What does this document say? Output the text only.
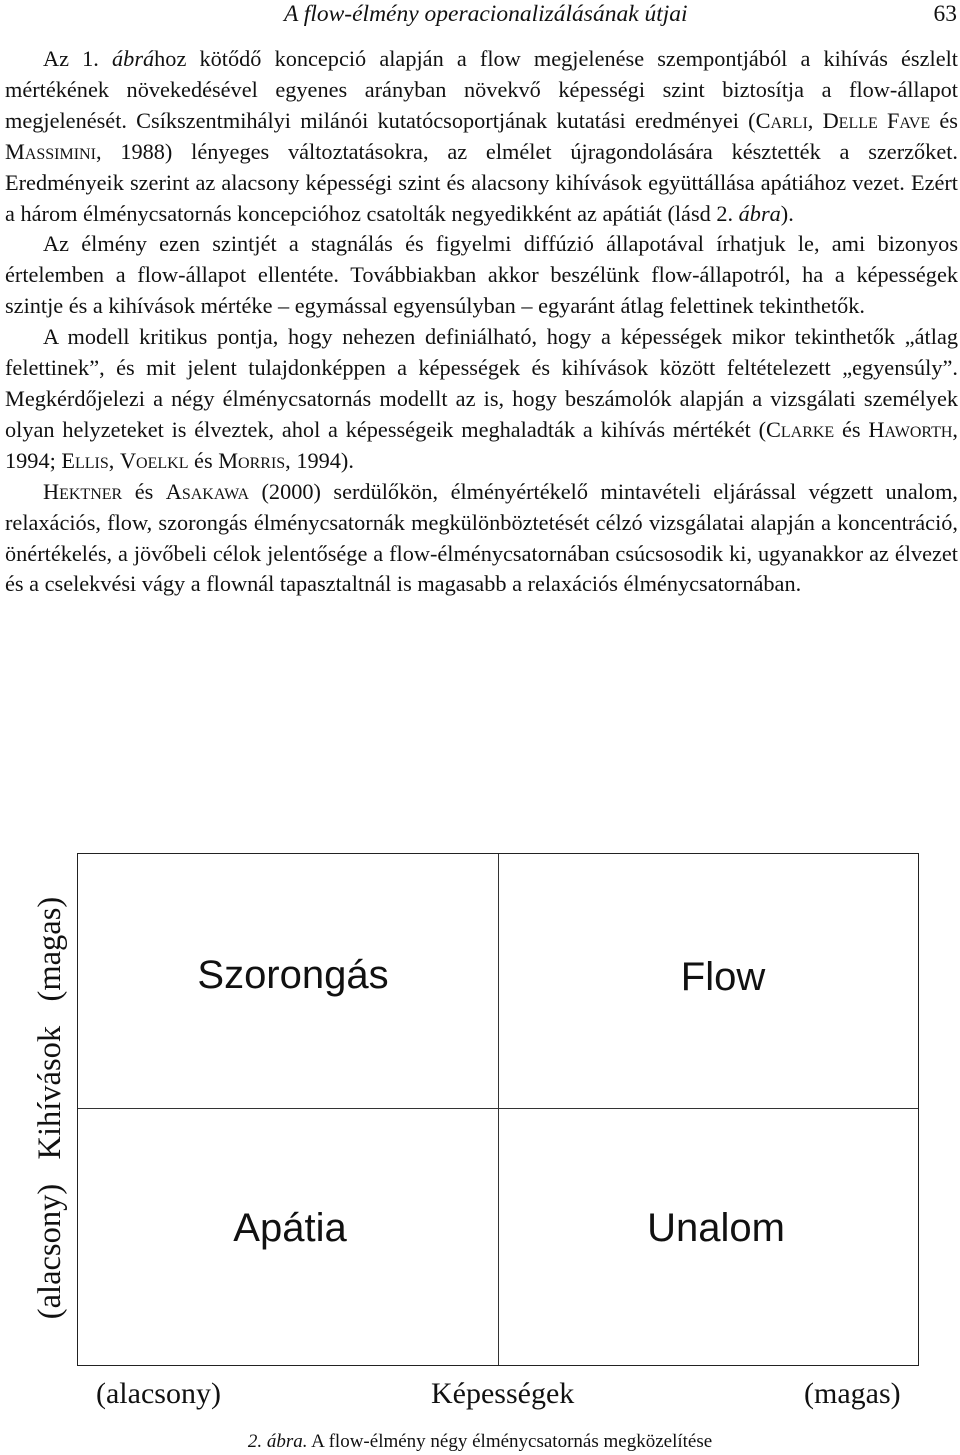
A flow-élmény operacionalizálásának útjai	63

Az 1. ábrához kötődő koncepció alapján a flow megjelenése szempontjából a kihívás észlelt mértékének növekedésével egyenes arányban növekvő képességi szint biztosítja a flow-állapot megjelenését. Csíkszentmihályi milánói kutatócsoportjának kutatási eredményei (Carli, Delle Fave és Massimini, 1988) lényeges változtatásokra, az elmélet újragondolására késztették a szerzőket. Eredményeik szerint az alacsony képességi szint és alacsony kihívások együttállása apátiához vezet. Ezért a három élménycsatornás koncepcióhoz csatolták negyedikként az apátiát (lásd 2. ábra).

Az élmény ezen szintjét a stagnálás és figyelmi diffúzió állapotával írhatjuk le, ami bizonyos értelemben a flow-állapot ellentéte. Továbbiakban akkor beszélünk flow-állapotról, ha a képességek szintje és a kihívások mértéke – egymással egyensúlyban – egyaránt átlag felettinek tekinthetők.

A modell kritikus pontja, hogy nehezen definiálható, hogy a képességek mikor tekinthetők „átlag felettinek”, és mit jelent tulajdonképpen a képességek és kihívások között feltételezett „egyensúly”. Megkérdőjelezi a négy élménycsatornás modellt az is, hogy beszámolók alapján a vizsgálati személyek olyan helyzeteket is élveztek, ahol a képességeik meghaladták a kihívás mértékét (Clarke és Haworth, 1994; Ellis, Voelkl és Morris, 1994).

Hektner és Asakawa (2000) serdülőkön, élményértékelő mintavételi eljárással végzett unalom, relaxációs, flow, szorongás élménycsatornák megkülönböztetését célzó vizsgálatai alapján a koncentráció, önértékelés, a jövőbeli célok jelentősége a flow-élménycsatornában csúcsosodik ki, ugyanakkor az élvezet és a cselekvési vágy a flownál tapasztaltnál is magasabb a relaxációs élménycsatornában.

(alacsony)   Kihívások   (magas)	Szorongás	Flow
Apátia	Unalom
(alacsony)	Képességek	(magas)
2. ábra. A flow-élmény négy élménycsatornás megközelítése
